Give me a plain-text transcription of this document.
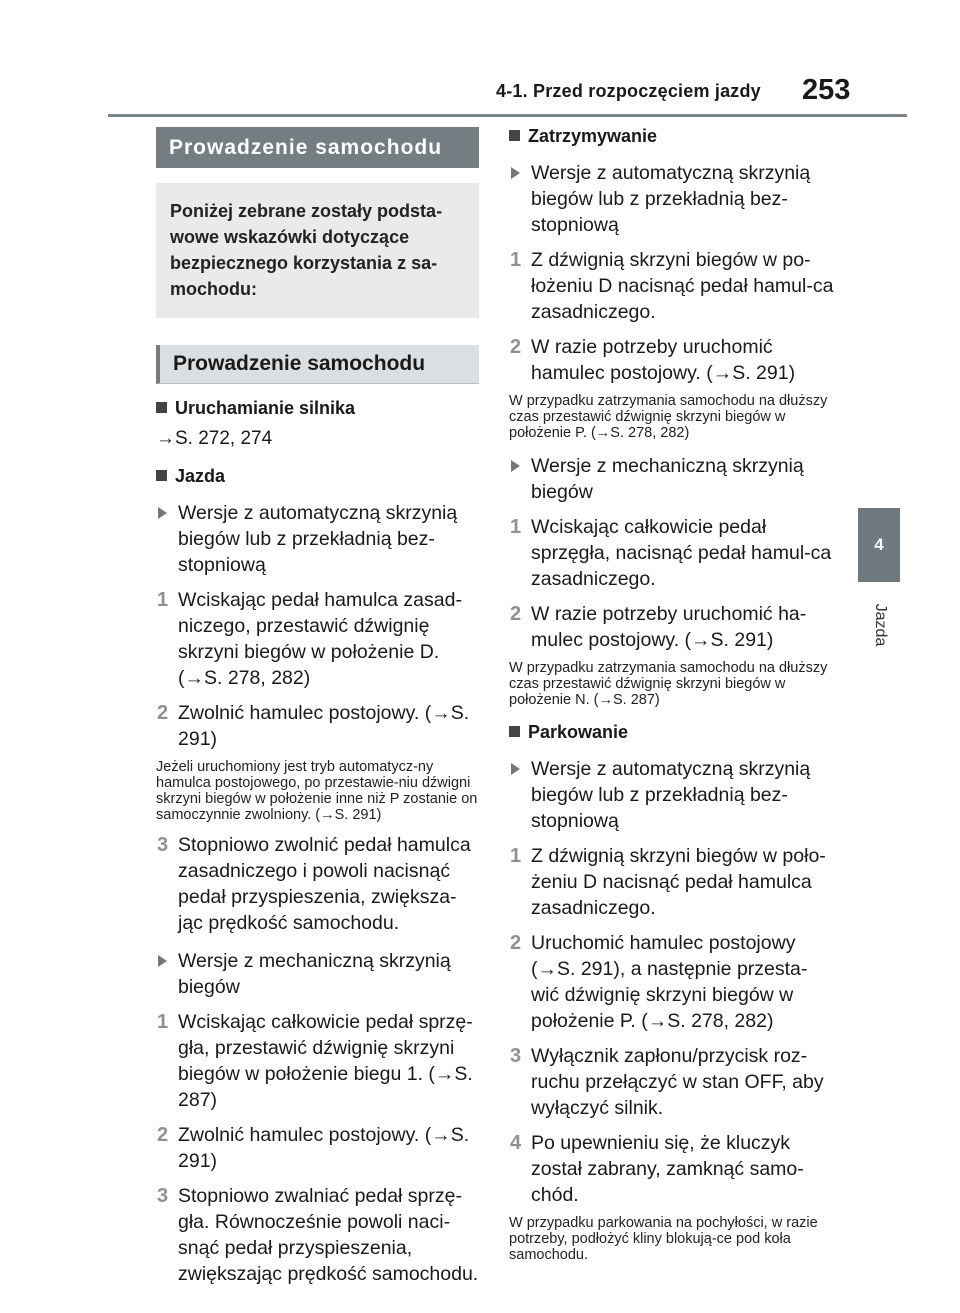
4-1. Przed rozpoczęciem jazdy 253
4
Jazda
Prowadzenie samochodu
Poniżej zebrane zostały podsta-wowe wskazówki dotyczące bezpiecznego korzystania z sa-mochodu:
Prowadzenie samochodu
Uruchamianie silnika
→S. 272, 274
Jazda
Wersje z automatyczną skrzynią biegów lub z przekładnią bez-stopniową
1 Wciskając pedał hamulca zasad-niczego, przestawić dźwignię skrzyni biegów w położenie D. (→S. 278, 282)
2 Zwolnić hamulec postojowy. (→S. 291)
Jeżeli uruchomiony jest tryb automatycz-ny hamulca postojowego, po przestawie-niu dźwigni skrzyni biegów w położenie inne niż P zostanie on samoczynnie zwolniony. (→S. 291)
3 Stopniowo zwolnić pedał hamulca zasadniczego i powoli nacisnąć pedał przyspieszenia, zwiększa-jąc prędkość samochodu.
Wersje z mechaniczną skrzynią biegów
1 Wciskając całkowicie pedał sprzę-gła, przestawić dźwignię skrzyni biegów w położenie biegu 1. (→S. 287)
2 Zwolnić hamulec postojowy. (→S. 291)
3 Stopniowo zwalniać pedał sprzę-gła. Równocześnie powoli naci-snąć pedał przyspieszenia, zwiększając prędkość samochodu.
Zatrzymywanie
Wersje z automatyczną skrzynią biegów lub z przekładnią bez-stopniową
1 Z dźwignią skrzyni biegów w po-łożeniu D nacisnąć pedał hamul-ca zasadniczego.
2 W razie potrzeby uruchomić hamulec postojowy. (→S. 291)
W przypadku zatrzymania samochodu na dłuższy czas przestawić dźwignię skrzyni biegów w położenie P. (→S. 278, 282)
Wersje z mechaniczną skrzynią biegów
1 Wciskając całkowicie pedał sprzęgła, nacisnąć pedał hamul-ca zasadniczego.
2 W razie potrzeby uruchomić ha-mulec postojowy. (→S. 291)
W przypadku zatrzymania samochodu na dłuższy czas przestawić dźwignię skrzyni biegów w położenie N. (→S. 287)
Parkowanie
Wersje z automatyczną skrzynią biegów lub z przekładnią bez-stopniową
1 Z dźwignią skrzyni biegów w poło-żeniu D nacisnąć pedał hamulca zasadniczego.
2 Uruchomić hamulec postojowy (→S. 291), a następnie przesta-wić dźwignię skrzyni biegów w położenie P. (→S. 278, 282)
3 Wyłącznik zapłonu/przycisk roz-ruchu przełączyć w stan OFF, aby wyłączyć silnik.
4 Po upewnieniu się, że kluczyk został zabrany, zamknąć samo-chód.
W przypadku parkowania na pochyłości, w razie potrzeby, podłożyć kliny blokują-ce pod koła samochodu.
